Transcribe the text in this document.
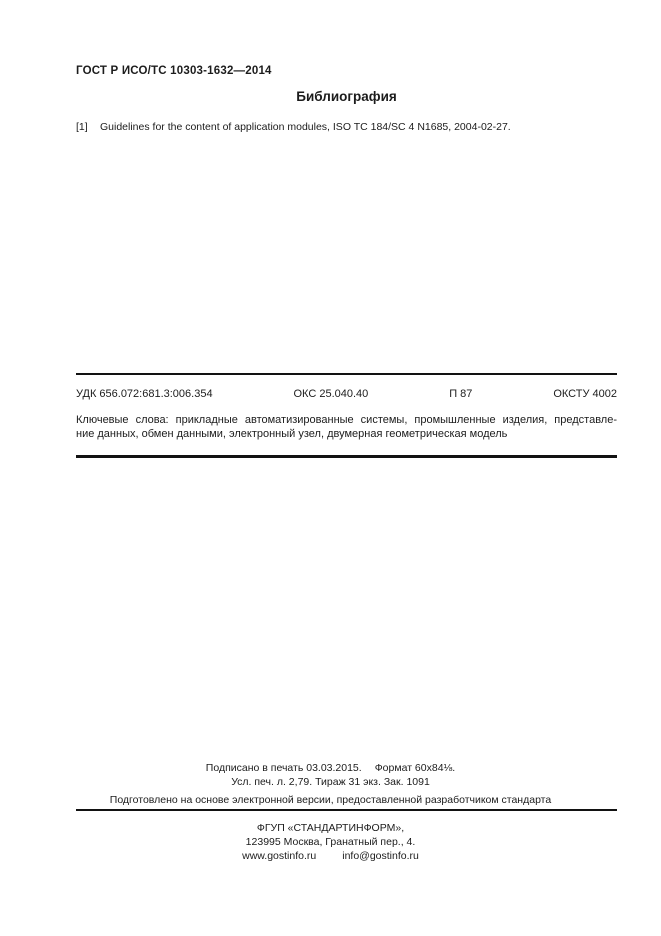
ГОСТ Р ИСО/ТС 10303-1632—2014
Библиография
[1]	Guidelines for the content of application modules, ISO TC 184/SC 4 N1685, 2004-02-27.
УДК 656.072:681.3:006.354	ОКС 25.040.40	П 87	ОКСТУ 4002
Ключевые слова: прикладные автоматизированные системы, промышленные изделия, представле-
ние данных, обмен данными, электронный узел, двумерная геометрическая модель
Подписано в печать 03.03.2015. Формат 60х84⅛.
Усл. печ. л. 2,79. Тираж 31 экз. Зак. 1091
Подготовлено на основе электронной версии, предоставленной разработчиком стандарта
ФГУП «СТАНДАРТИНФОРМ»,
123995 Москва, Гранатный пер., 4.
www.gostinfo.ru info@gostinfo.ru
